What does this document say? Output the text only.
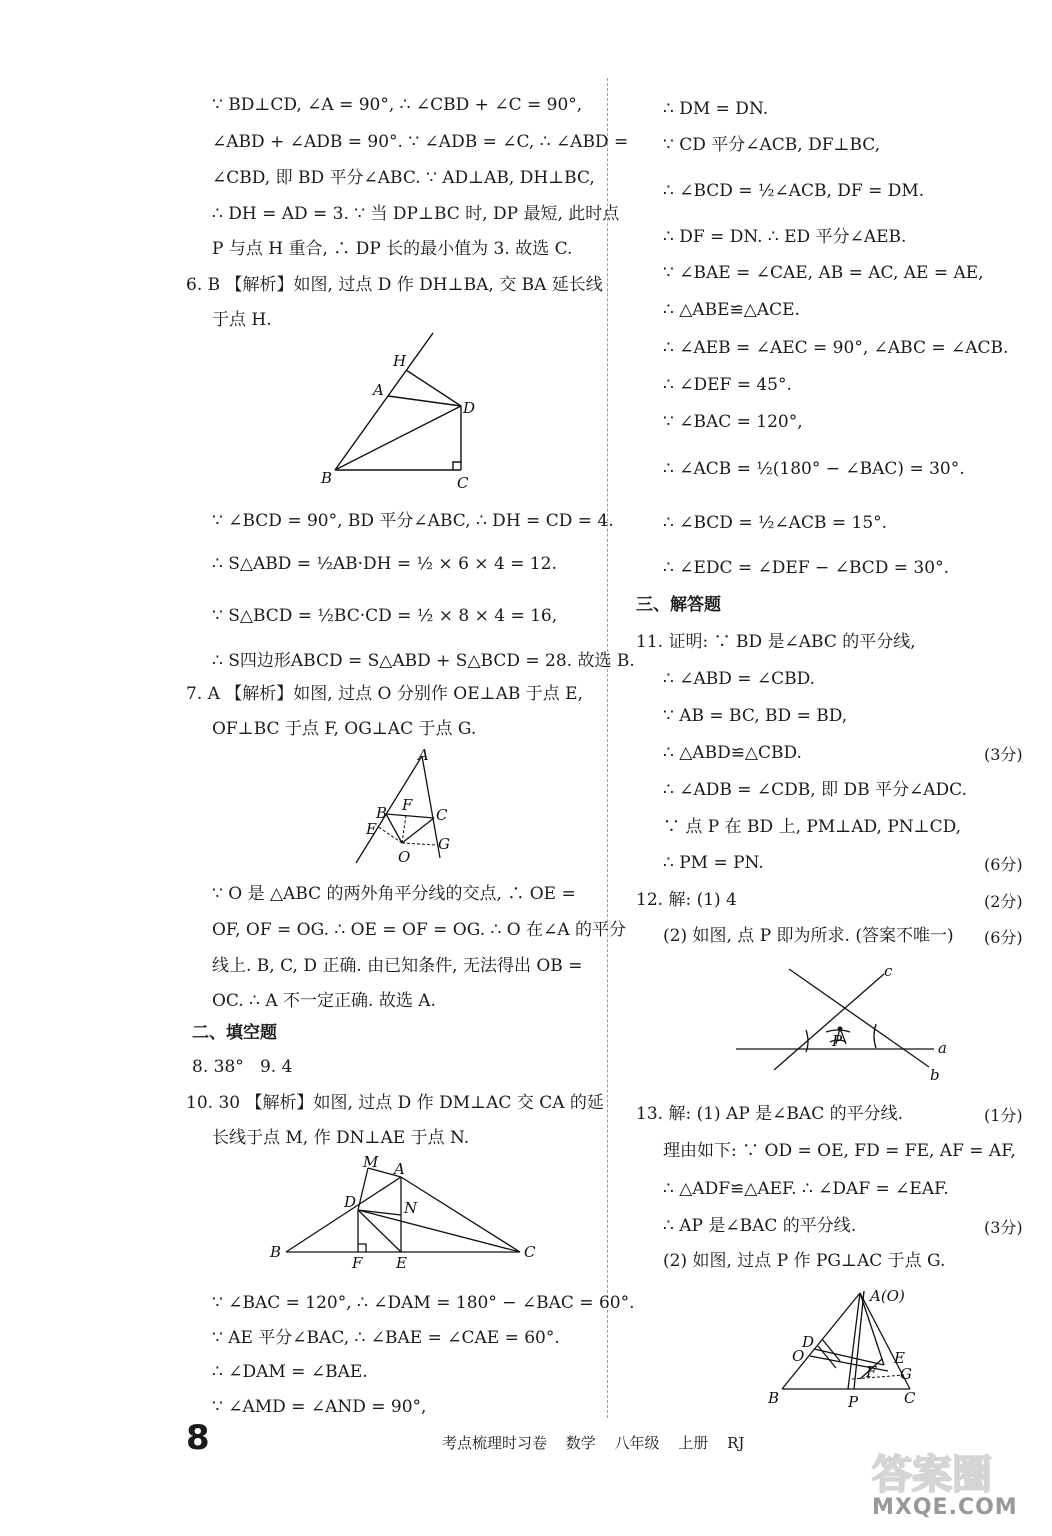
∵ BD⊥CD, ∠A = 90°, ∴ ∠CBD + ∠C = 90°,
∠ABD + ∠ADB = 90°. ∵ ∠ADB = ∠C, ∴ ∠ABD =
∠CBD, 即 BD 平分∠ABC. ∵ AD⊥AB, DH⊥BC,
∴ DH = AD = 3. ∵ 当 DP⊥BC 时, DP 最短, 此时点
P 与点 H 重合, ∴ DP 长的最小值为 3. 故选 C.
6. B 【解析】如图, 过点 D 作 DH⊥BA, 交 BA 延长线
于点 H.
∵ ∠BCD = 90°, BD 平分∠ABC, ∴ DH = CD = 4.
∴ S△ABD = ½AB·DH = ½ × 6 × 4 = 12.
∵ S△BCD = ½BC·CD = ½ × 8 × 4 = 16,
∴ S四边形ABCD = S△ABD + S△BCD = 28. 故选 B.
7. A 【解析】如图, 过点 O 分别作 OE⊥AB 于点 E,
OF⊥BC 于点 F, OG⊥AC 于点 G.
∵ O 是 △ABC 的两外角平分线的交点, ∴ OE =
OF, OF = OG. ∴ OE = OF = OG. ∴ O 在∠A 的平分
线上. B, C, D 正确. 由已知条件, 无法得出 OB =
OC. ∴ A 不一定正确. 故选 A.
二、填空题
8. 38°   9. 4
10. 30 【解析】如图, 过点 D 作 DM⊥AC 交 CA 的延
长线于点 M, 作 DN⊥AE 于点 N.
∵ ∠BAC = 120°, ∴ ∠DAM = 180° − ∠BAC = 60°.
∵ AE 平分∠BAC, ∴ ∠BAE = ∠CAE = 60°.
∴ ∠DAM = ∠BAE.
∵ ∠AMD = ∠AND = 90°,
∴ DM = DN.
∵ CD 平分∠ACB, DF⊥BC,
∴ ∠BCD = ½∠ACB, DF = DM.
∴ DF = DN. ∴ ED 平分∠AEB.
∵ ∠BAE = ∠CAE, AB = AC, AE = AE,
∴ △ABE≌△ACE.
∴ ∠AEB = ∠AEC = 90°, ∠ABC = ∠ACB.
∴ ∠DEF = 45°.
∵ ∠BAC = 120°,
∴ ∠ACB = ½(180° − ∠BAC) = 30°.
∴ ∠BCD = ½∠ACB = 15°.
∴ ∠EDC = ∠DEF − ∠BCD = 30°.
三、解答题
11. 证明: ∵ BD 是∠ABC 的平分线,
∴ ∠ABD = ∠CBD.
∵ AB = BC, BD = BD,
∴ △ABD≌△CBD.
∴ ∠ADB = ∠CDB, 即 DB 平分∠ADC.
∵ 点 P 在 BD 上, PM⊥AD, PN⊥CD,
∴ PM = PN.
12. 解: (1) 4
(2) 如图, 点 P 即为所求. (答案不唯一)
13. 解: (1) AP 是∠BAC 的平分线.
理由如下: ∵ OD = OE, FD = FE, AF = AF,
∴ △ADF≌△AEF. ∴ ∠DAF = ∠EAF.
∴ AP 是∠BAC 的平分线.
(2) 如图, 过点 P 作 PG⊥AC 于点 G.
(3分)
(6分)
(2分)
(6分)
(1分)
(3分)
H
A
D
B	C
A
B F
C
E
G
O
M A
D	N
B
F E
C
c
P	a
b
A(O)
D
O	E
F G
B	P	C
8	考点梳理时习卷 数学 八年级 上册 RJ
答案圈
MXQE.COM
